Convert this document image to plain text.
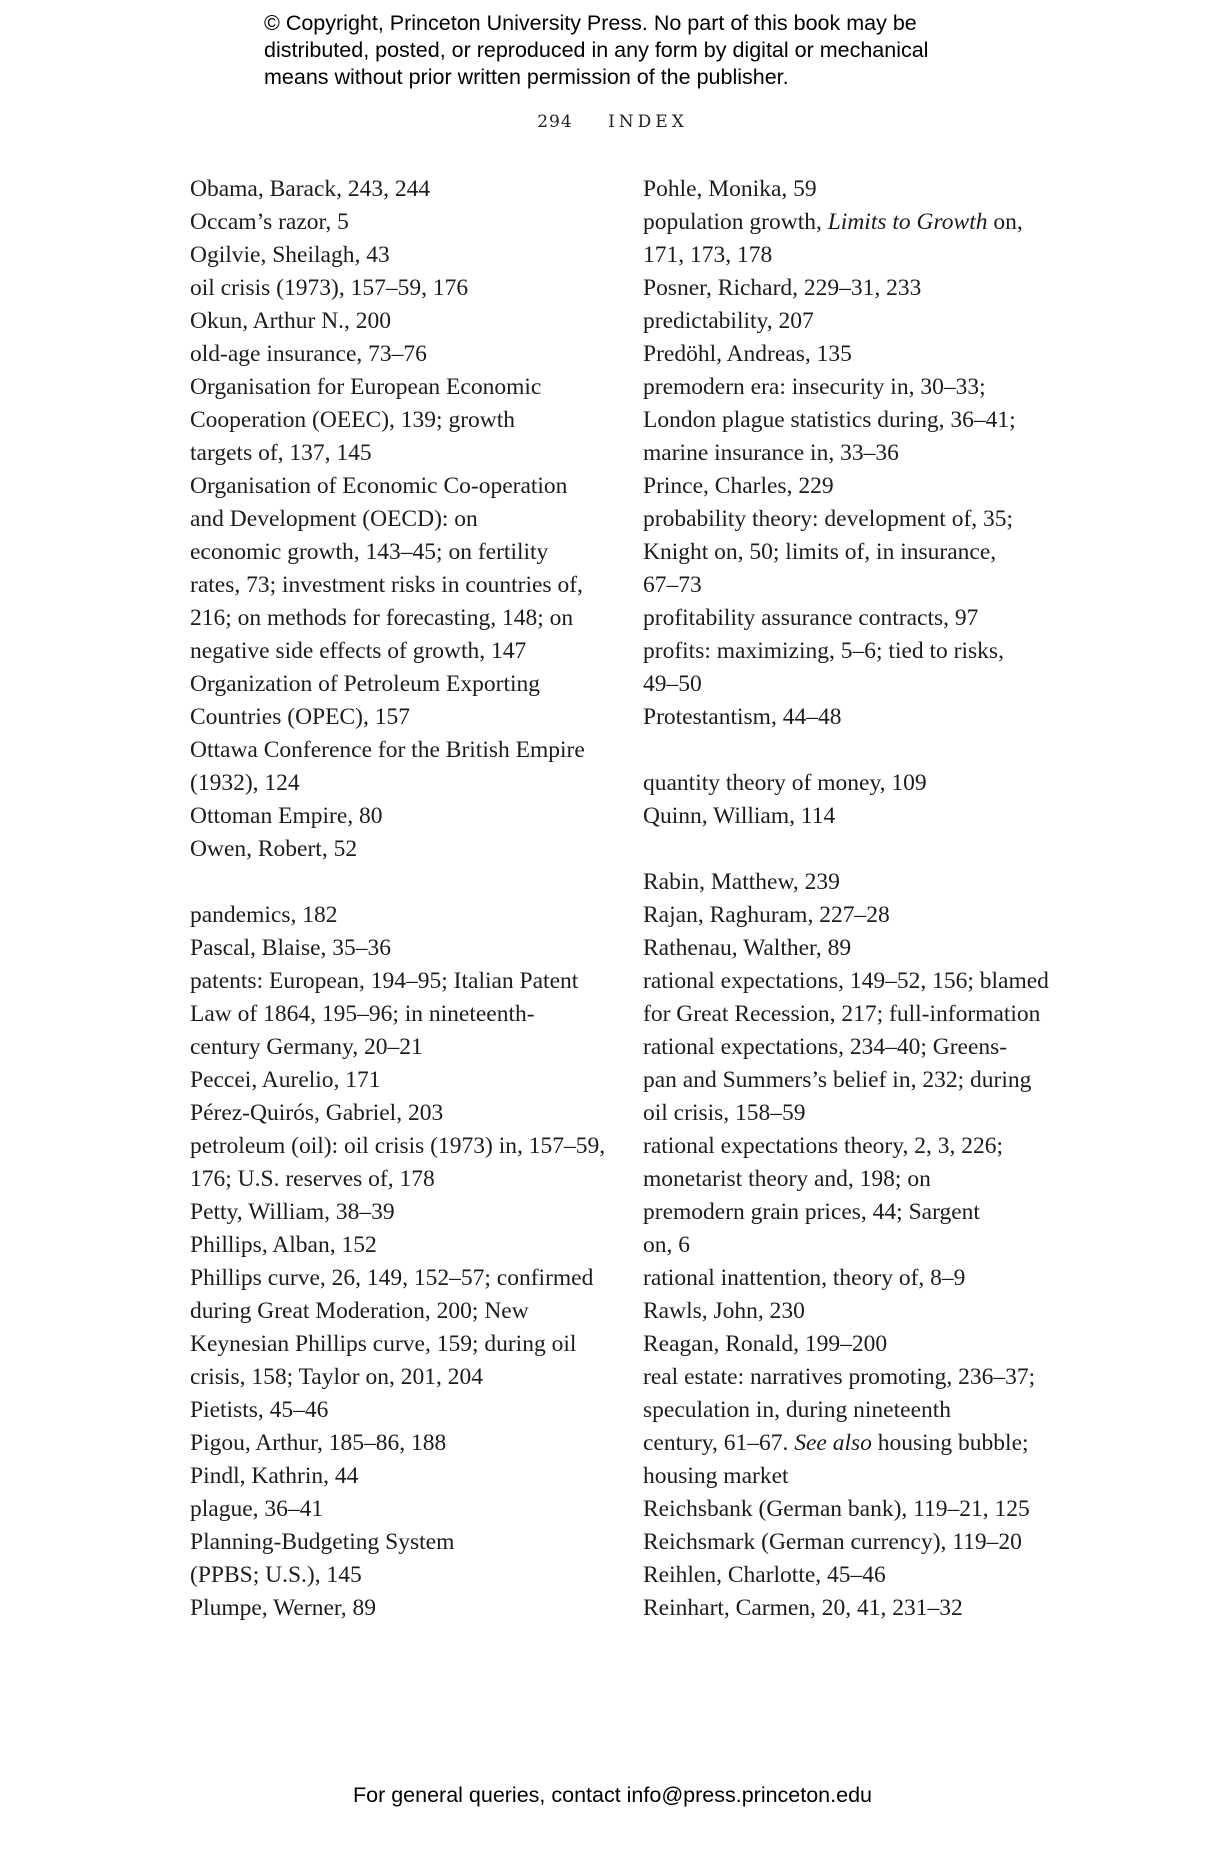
© Copyright, Princeton University Press. No part of this book may be
distributed, posted, or reproduced in any form by digital or mechanical
means without prior written permission of the publisher.
294 INDEX
Obama, Barack, 243, 244
Occam’s razor, 5
Ogilvie, Sheilagh, 43
oil crisis (1973), 157–59, 176
Okun, Arthur N., 200
old-age insurance, 73–76
Organisation for European Economic
Cooperation (OEEC), 139; growth
targets of, 137, 145
Organisation of Economic Co-operation
and Development (OECD): on
economic growth, 143–45; on fertility
rates, 73; investment risks in countries of,
216; on methods for forecasting, 148; on
negative side effects of growth, 147
Organization of Petroleum Exporting
Countries (OPEC), 157
Ottawa Conference for the British Empire
(1932), 124
Ottoman Empire, 80
Owen, Robert, 52
pandemics, 182
Pascal, Blaise, 35–36
patents: European, 194–95; Italian Patent
Law of 1864, 195–96; in nineteenth-
century Germany, 20–21
Peccei, Aurelio, 171
Pérez-Quirós, Gabriel, 203
petroleum (oil): oil crisis (1973) in, 157–59,
176; U.S. reserves of, 178
Petty, William, 38–39
Phillips, Alban, 152
Phillips curve, 26, 149, 152–57; confirmed
during Great Moderation, 200; New
Keynesian Phillips curve, 159; during oil
crisis, 158; Taylor on, 201, 204
Pietists, 45–46
Pigou, Arthur, 185–86, 188
Pindl, Kathrin, 44
plague, 36–41
Planning-Budgeting System
(PPBS; U.S.), 145
Plumpe, Werner, 89
Pohle, Monika, 59
population growth, Limits to Growth on,
171, 173, 178
Posner, Richard, 229–31, 233
predictability, 207
Predöhl, Andreas, 135
premodern era: insecurity in, 30–33;
London plague statistics during, 36–41;
marine insurance in, 33–36
Prince, Charles, 229
probability theory: development of, 35;
Knight on, 50; limits of, in insurance,
67–73
profitability assurance contracts, 97
profits: maximizing, 5–6; tied to risks,
49–50
Protestantism, 44–48
quantity theory of money, 109
Quinn, William, 114
Rabin, Matthew, 239
Rajan, Raghuram, 227–28
Rathenau, Walther, 89
rational expectations, 149–52, 156; blamed
for Great Recession, 217; full-information
rational expectations, 234–40; Greens-
pan and Summers’s belief in, 232; during
oil crisis, 158–59
rational expectations theory, 2, 3, 226;
monetarist theory and, 198; on
premodern grain prices, 44; Sargent
on, 6
rational inattention, theory of, 8–9
Rawls, John, 230
Reagan, Ronald, 199–200
real estate: narratives promoting, 236–37;
speculation in, during nineteenth
century, 61–67. See also housing bubble;
housing market
Reichsbank (German bank), 119–21, 125
Reichsmark (German currency), 119–20
Reihlen, Charlotte, 45–46
Reinhart, Carmen, 20, 41, 231–32
For general queries, contact info@press.princeton.edu
